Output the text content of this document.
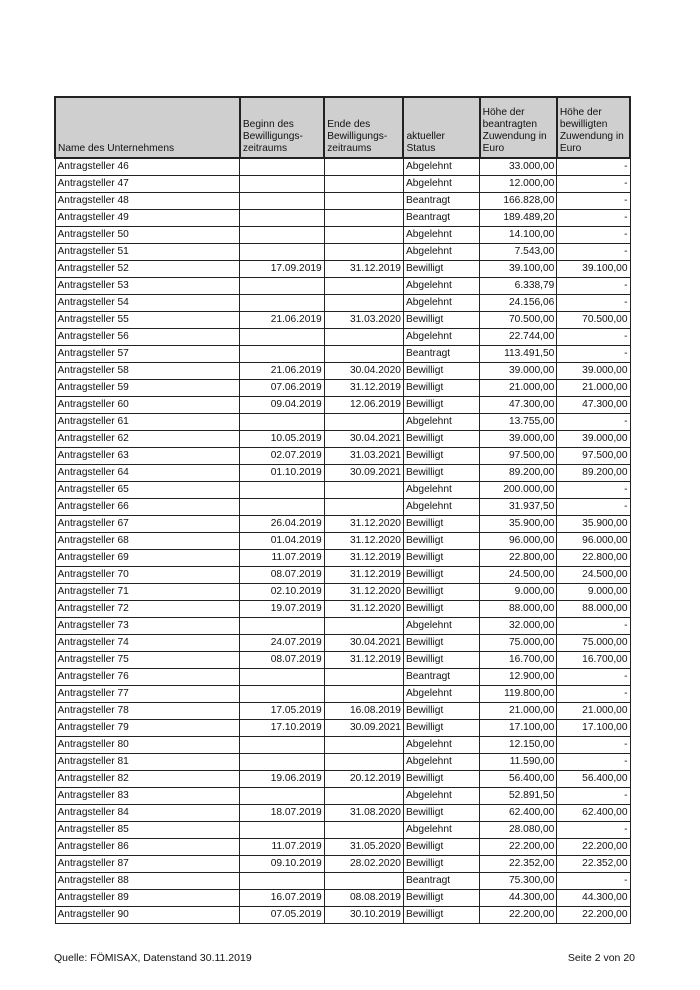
Name des Unternehmens	Beginn des Bewilligungs-zeitraums	Ende des Bewilligungs-zeitraums	aktueller Status	Höhe der beantragten Zuwendung in Euro	Höhe der bewilligten Zuwendung in Euro
Antragsteller 46			Abgelehnt	33.000,00	-
Antragsteller 47			Abgelehnt	12.000,00	-
Antragsteller 48			Beantragt	166.828,00	-
Antragsteller 49			Beantragt	189.489,20	-
Antragsteller 50			Abgelehnt	14.100,00	-
Antragsteller 51			Abgelehnt	7.543,00	-
Antragsteller 52	17.09.2019	31.12.2019	Bewilligt	39.100,00	39.100,00
Antragsteller 53			Abgelehnt	6.338,79	-
Antragsteller 54			Abgelehnt	24.156,06	-
Antragsteller 55	21.06.2019	31.03.2020	Bewilligt	70.500,00	70.500,00
Antragsteller 56			Abgelehnt	22.744,00	-
Antragsteller 57			Beantragt	113.491,50	-
Antragsteller 58	21.06.2019	30.04.2020	Bewilligt	39.000,00	39.000,00
Antragsteller 59	07.06.2019	31.12.2019	Bewilligt	21.000,00	21.000,00
Antragsteller 60	09.04.2019	12.06.2019	Bewilligt	47.300,00	47.300,00
Antragsteller 61			Abgelehnt	13.755,00	-
Antragsteller 62	10.05.2019	30.04.2021	Bewilligt	39.000,00	39.000,00
Antragsteller 63	02.07.2019	31.03.2021	Bewilligt	97.500,00	97.500,00
Antragsteller 64	01.10.2019	30.09.2021	Bewilligt	89.200,00	89.200,00
Antragsteller 65			Abgelehnt	200.000,00	-
Antragsteller 66			Abgelehnt	31.937,50	-
Antragsteller 67	26.04.2019	31.12.2020	Bewilligt	35.900,00	35.900,00
Antragsteller 68	01.04.2019	31.12.2020	Bewilligt	96.000,00	96.000,00
Antragsteller 69	11.07.2019	31.12.2019	Bewilligt	22.800,00	22.800,00
Antragsteller 70	08.07.2019	31.12.2019	Bewilligt	24.500,00	24.500,00
Antragsteller 71	02.10.2019	31.12.2020	Bewilligt	9.000,00	9.000,00
Antragsteller 72	19.07.2019	31.12.2020	Bewilligt	88.000,00	88.000,00
Antragsteller 73			Abgelehnt	32.000,00	-
Antragsteller 74	24.07.2019	30.04.2021	Bewilligt	75.000,00	75.000,00
Antragsteller 75	08.07.2019	31.12.2019	Bewilligt	16.700,00	16.700,00
Antragsteller 76			Beantragt	12.900,00	-
Antragsteller 77			Abgelehnt	119.800,00	-
Antragsteller 78	17.05.2019	16.08.2019	Bewilligt	21.000,00	21.000,00
Antragsteller 79	17.10.2019	30.09.2021	Bewilligt	17.100,00	17.100,00
Antragsteller 80			Abgelehnt	12.150,00	-
Antragsteller 81			Abgelehnt	11.590,00	-
Antragsteller 82	19.06.2019	20.12.2019	Bewilligt	56.400,00	56.400,00
Antragsteller 83			Abgelehnt	52.891,50	-
Antragsteller 84	18.07.2019	31.08.2020	Bewilligt	62.400,00	62.400,00
Antragsteller 85			Abgelehnt	28.080,00	-
Antragsteller 86	11.07.2019	31.05.2020	Bewilligt	22.200,00	22.200,00
Antragsteller 87	09.10.2019	28.02.2020	Bewilligt	22.352,00	22.352,00
Antragsteller 88			Beantragt	75.300,00	-
Antragsteller 89	16.07.2019	08.08.2019	Bewilligt	44.300,00	44.300,00
Antragsteller 90	07.05.2019	30.10.2019	Bewilligt	22.200,00	22.200,00
Quelle: FÖMISAX, Datenstand 30.11.2019	Seite 2 von 20
